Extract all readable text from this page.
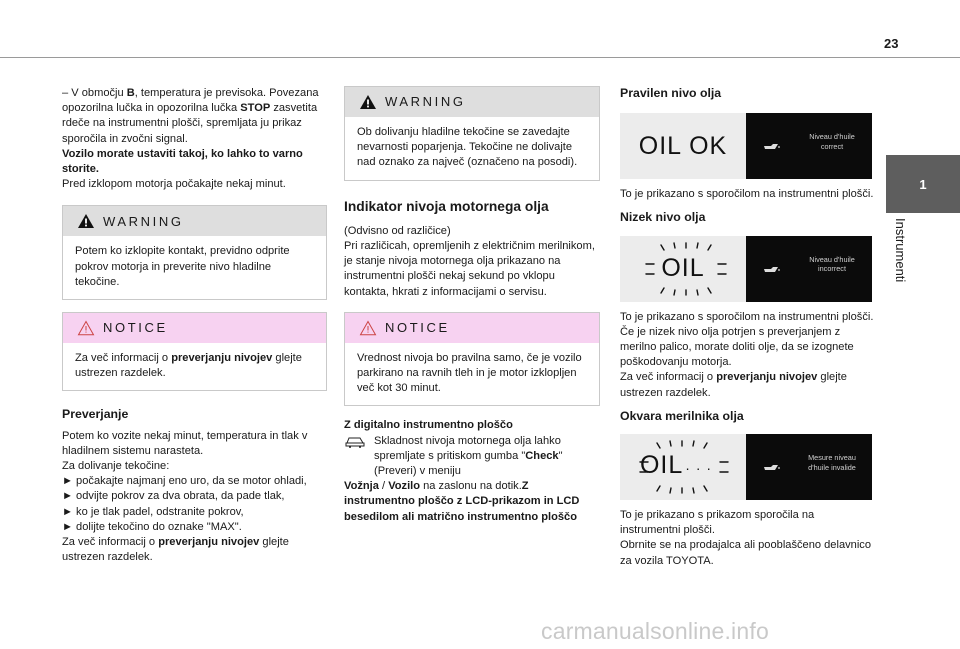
23
1
Instrumenti

– V območju B, temperatura je previsoka. Povezana opozorilna lučka in opozorilna lučka STOP zasvetita rdeče na instrumentni plošči, spremljata ju prikaz sporočila in zvočni signal.
Vozilo morate ustaviti takoj, ko lahko to varno storite.

Pred izklopom motorja počakajte nekaj minut.

WARNING
Potem ko izklopite kontakt, previdno odprite pokrov motorja in preverite nivo hladilne tekočine.
NOTICE
Za več informacij o preverjanju nivojev glejte ustrezen razdelek.
Preverjanje

Potem ko vozite nekaj minut, temperatura in tlak v hladilnem sistemu narasteta.

Za dolivanje tekočine:

► počakajte najmanj eno uro, da se motor ohladi,

► odvijte pokrov za dva obrata, da pade tlak,

► ko je tlak padel, odstranite pokrov,

► dolijte tekočino do oznake "MAX".

Za več informacij o preverjanju nivojev glejte ustrezen razdelek.

WARNING
Ob dolivanju hladilne tekočine se zavedajte nevarnosti poparjenja. Tekočine ne dolivajte nad oznako za največ (označeno na posodi).
Indikator nivoja motornega olja

(Odvisno od različice)

Pri različicah, opremljenih z električnim merilnikom, je stanje nivoja motornega olja prikazano na instrumentni plošči nekaj sekund po vklopu kontakta, hkrati z informacijami o servisu.

NOTICE
Vrednost nivoja bo pravilna samo, če je vozilo parkirano na ravnih tleh in je motor izklopljen več kot 30 minut.
Z digitalno instrumentno ploščo
Skladnost nivoja motornega olja lahko spremljate s pritiskom gumba "Check" (Preveri) v meniju

Vožnja / Vozilo na zaslonu na dotik.Z instrumentno ploščo z LCD-prikazom in LCD besedilom ali matrično instrumentno ploščo

Pravilen nivo olja
OIL OK	Niveau d'huile correct

To je prikazano s sporočilom na instrumentni plošči.

Nizek nivo olja
OIL	Niveau d'huile incorrect

To je prikazano s sporočilom na instrumentni plošči.

Če je nizek nivo olja potrjen s preverjanjem z merilno palico, morate doliti olje, da se izognete poškodovanju motorja.

Za več informacij o preverjanju nivojev glejte ustrezen razdelek.

Okvara merilnika olja
OIL · · ·
Mesure niveau d'huile invalide

To je prikazano s prikazom sporočila na instrumentni plošči.

Obrnite se na prodajalca ali pooblaščeno delavnico za vozila TOYOTA.

carmanualsonline.info
